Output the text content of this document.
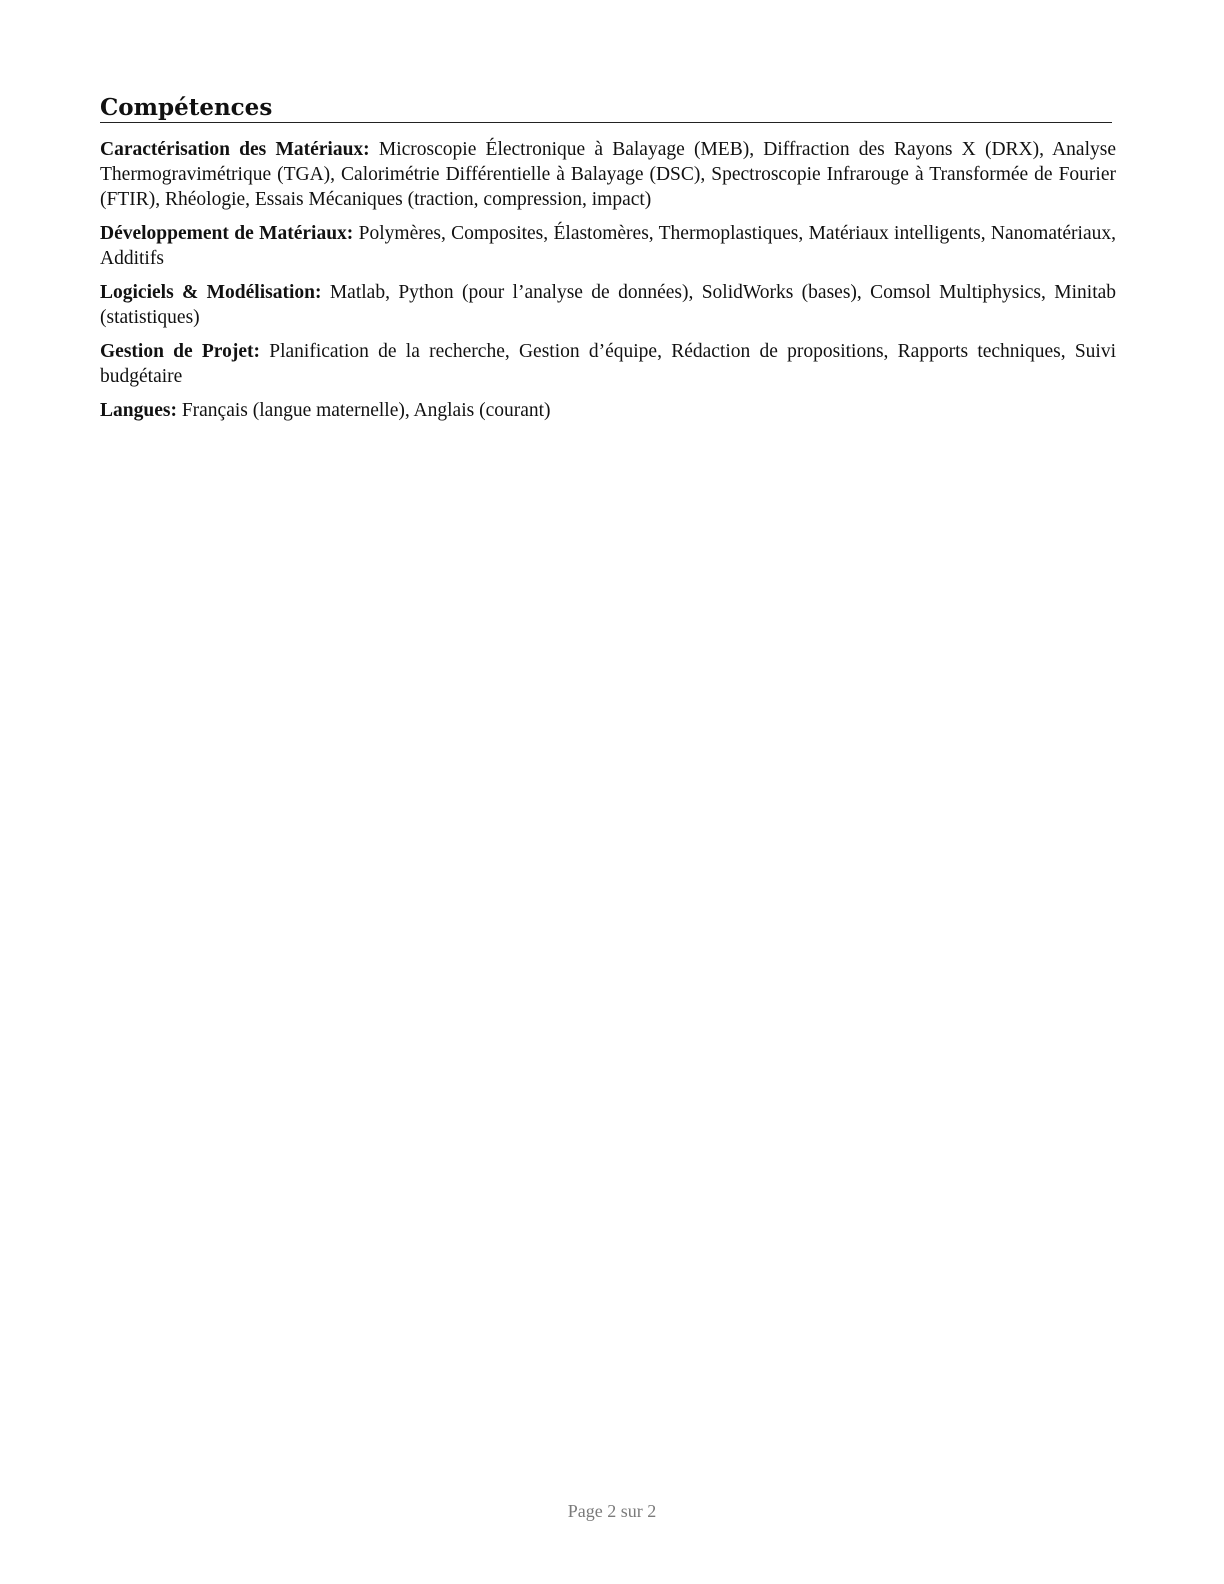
Compétences

Caractérisation des Matériaux: Microscopie Électronique à Balayage (MEB), Diffraction des Rayons X (DRX), Analyse Thermogravimétrique (TGA), Calorimétrie Différentielle à Balayage (DSC), Spectroscopie Infrarouge à Transformée de Fourier (FTIR), Rhéologie, Essais Mécaniques (traction, compression, impact)

Développement de Matériaux: Polymères, Composites, Élastomères, Thermoplastiques, Matériaux intelligents, Nanomatériaux, Additifs

Logiciels & Modélisation: Matlab, Python (pour l’analyse de données), SolidWorks (bases), Comsol Multiphysics, Minitab (statistiques)

Gestion de Projet: Planification de la recherche, Gestion d’équipe, Rédaction de propositions, Rapports techniques, Suivi budgétaire

Langues: Français (langue maternelle), Anglais (courant)

Page 2 sur 2
